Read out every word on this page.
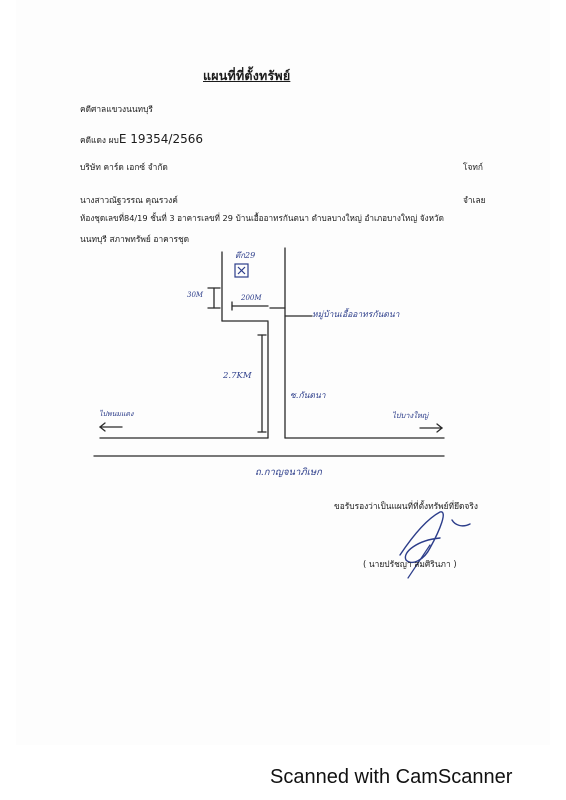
แผนที่ที่ตั้งทรัพย์
คดีศาลแขวงนนทบุรี
คดีแดง ผบE 19354/2566
บริษัท คาร์ด เอกซ์ จำกัด	โจทก์
นางสาวณัฐวรรณ คุณรวงค์	จำเลย
ห้องชุดเลขที่84/19 ชั้นที่ 3 อาคารเลขที่ 29 บ้านเอื้ออาทรกันตนา ตำบลบางใหญ่ อำเภอบางใหญ่ จังหวัด
นนทบุรี สภาพทรัพย์ อาคารชุด
ตึก29
30M	200M
หมู่บ้านเอื้ออาทรกันตนา
2.7KM
ซ.กันตนา
ไปพนมแดง	ไปบางใหญ่
ถ.กาญจนาภิเษก
ขอรับรองว่าเป็นแผนที่ที่ตั้งทรัพย์ที่ยึดจริง
( นายปรัชญา สมศิรินภา )
Scanned with CamScanner
